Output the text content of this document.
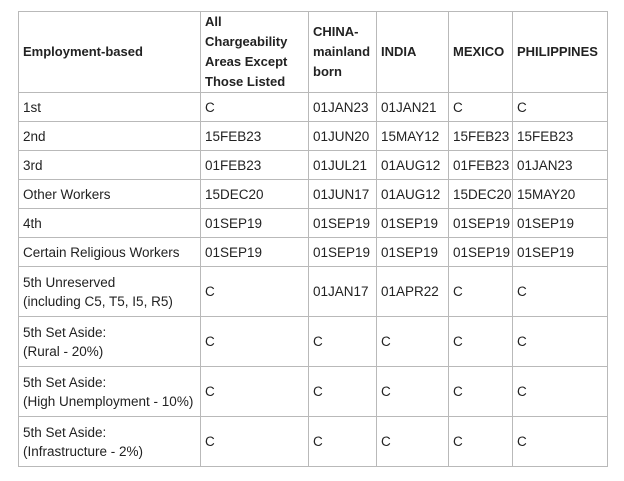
Employment-based	All Chargeability Areas Except Those Listed	CHINA-mainland born	INDIA	MEXICO	PHILIPPINES

1st	C	01JAN23	01JAN21	C	C

2nd	15FEB23	01JUN20	15MAY12	15FEB23	15FEB23

3rd	01FEB23	01JUL21	01AUG12	01FEB23	01JAN23

Other Workers	15DEC20	01JUN17	01AUG12	15DEC20	15MAY20

4th	01SEP19	01SEP19	01SEP19	01SEP19	01SEP19

Certain Religious Workers	01SEP19	01SEP19	01SEP19	01SEP19	01SEP19

5th Unreserved
(including C5, T5, I5, R5)	C	01JAN17	01APR22	C	C

5th Set Aside:
(Rural - 20%)	C	C	C	C	C

5th Set Aside:
(High Unemployment - 10%)	C	C	C	C	C

5th Set Aside:
(Infrastructure - 2%)	C	C	C	C	C
